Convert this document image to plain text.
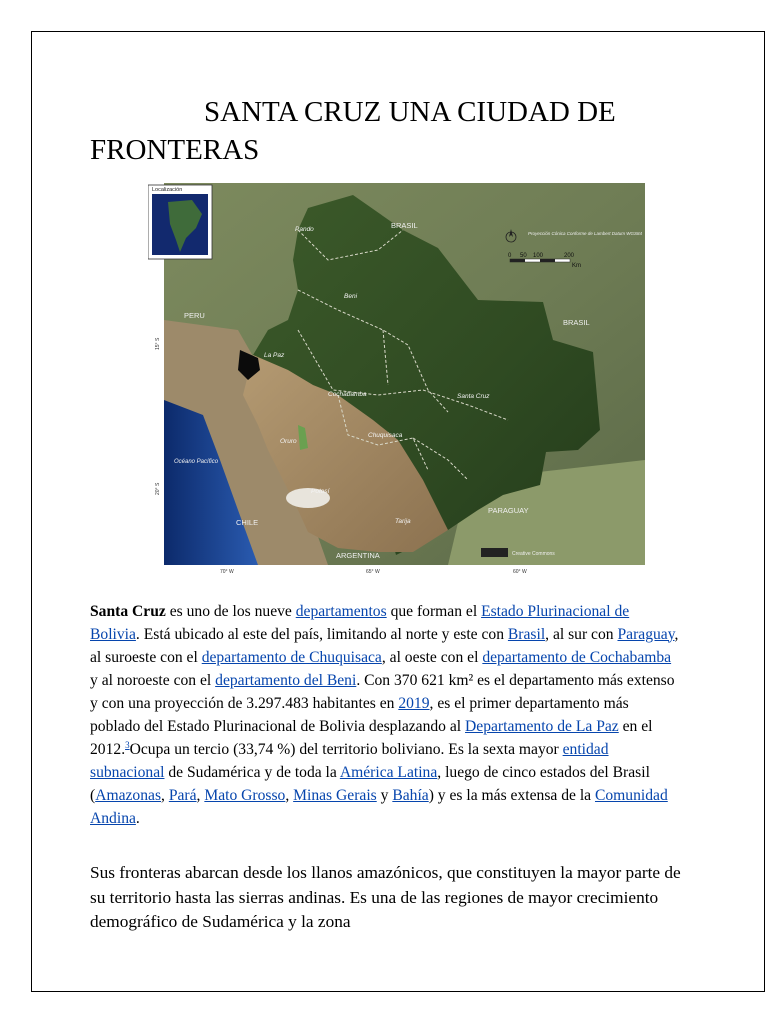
SANTA CRUZ UNA CIUDAD DE
FRONTERAS
Localización
BRASIL
BRASIL
PERU
CHILE
ARGENTINA
PARAGUAY
Océano Pacífico
Pando
Beni
La Paz
Cochabamba	Santa Cruz
Oruro
Chuquisaca
Potosí
Tarija
Proyección Cónica Conforme de Lambert Datum WGS84
0 50 100	200
Km
70° W	65° W	60° W
15° S
20° S
Creative Commons

Santa Cruz es uno de los nueve departamentos que forman el Estado Plurinacional de Bolivia. Está ubicado al este del país, limitando al norte y este con Brasil, al sur con Paraguay, al suroeste con el departamento de Chuquisaca, al oeste con el departamento de Cochabamba y al noroeste con el departamento del Beni. Con 370 621 km² es el departamento más extenso y con una proyección de 3.297.483 habitantes en 2019, es el primer departamento más poblado del Estado Plurinacional de Bolivia desplazando al Departamento de La Paz en el 2012.$^3$Ocupa un tercio (33,74 %) del territorio boliviano. Es la sexta mayor entidad subnacional de Sudamérica y de toda la América Latina, luego de cinco estados del Brasil (Amazonas, Pará, Mato Grosso, Minas Gerais y Bahía) y es la más extensa de la Comunidad Andina.

Sus fronteras abarcan desde los llanos amazónicos, que constituyen la mayor parte de su territorio hasta las sierras andinas. Es una de las regiones de mayor crecimiento demográfico de Sudamérica y la zona
